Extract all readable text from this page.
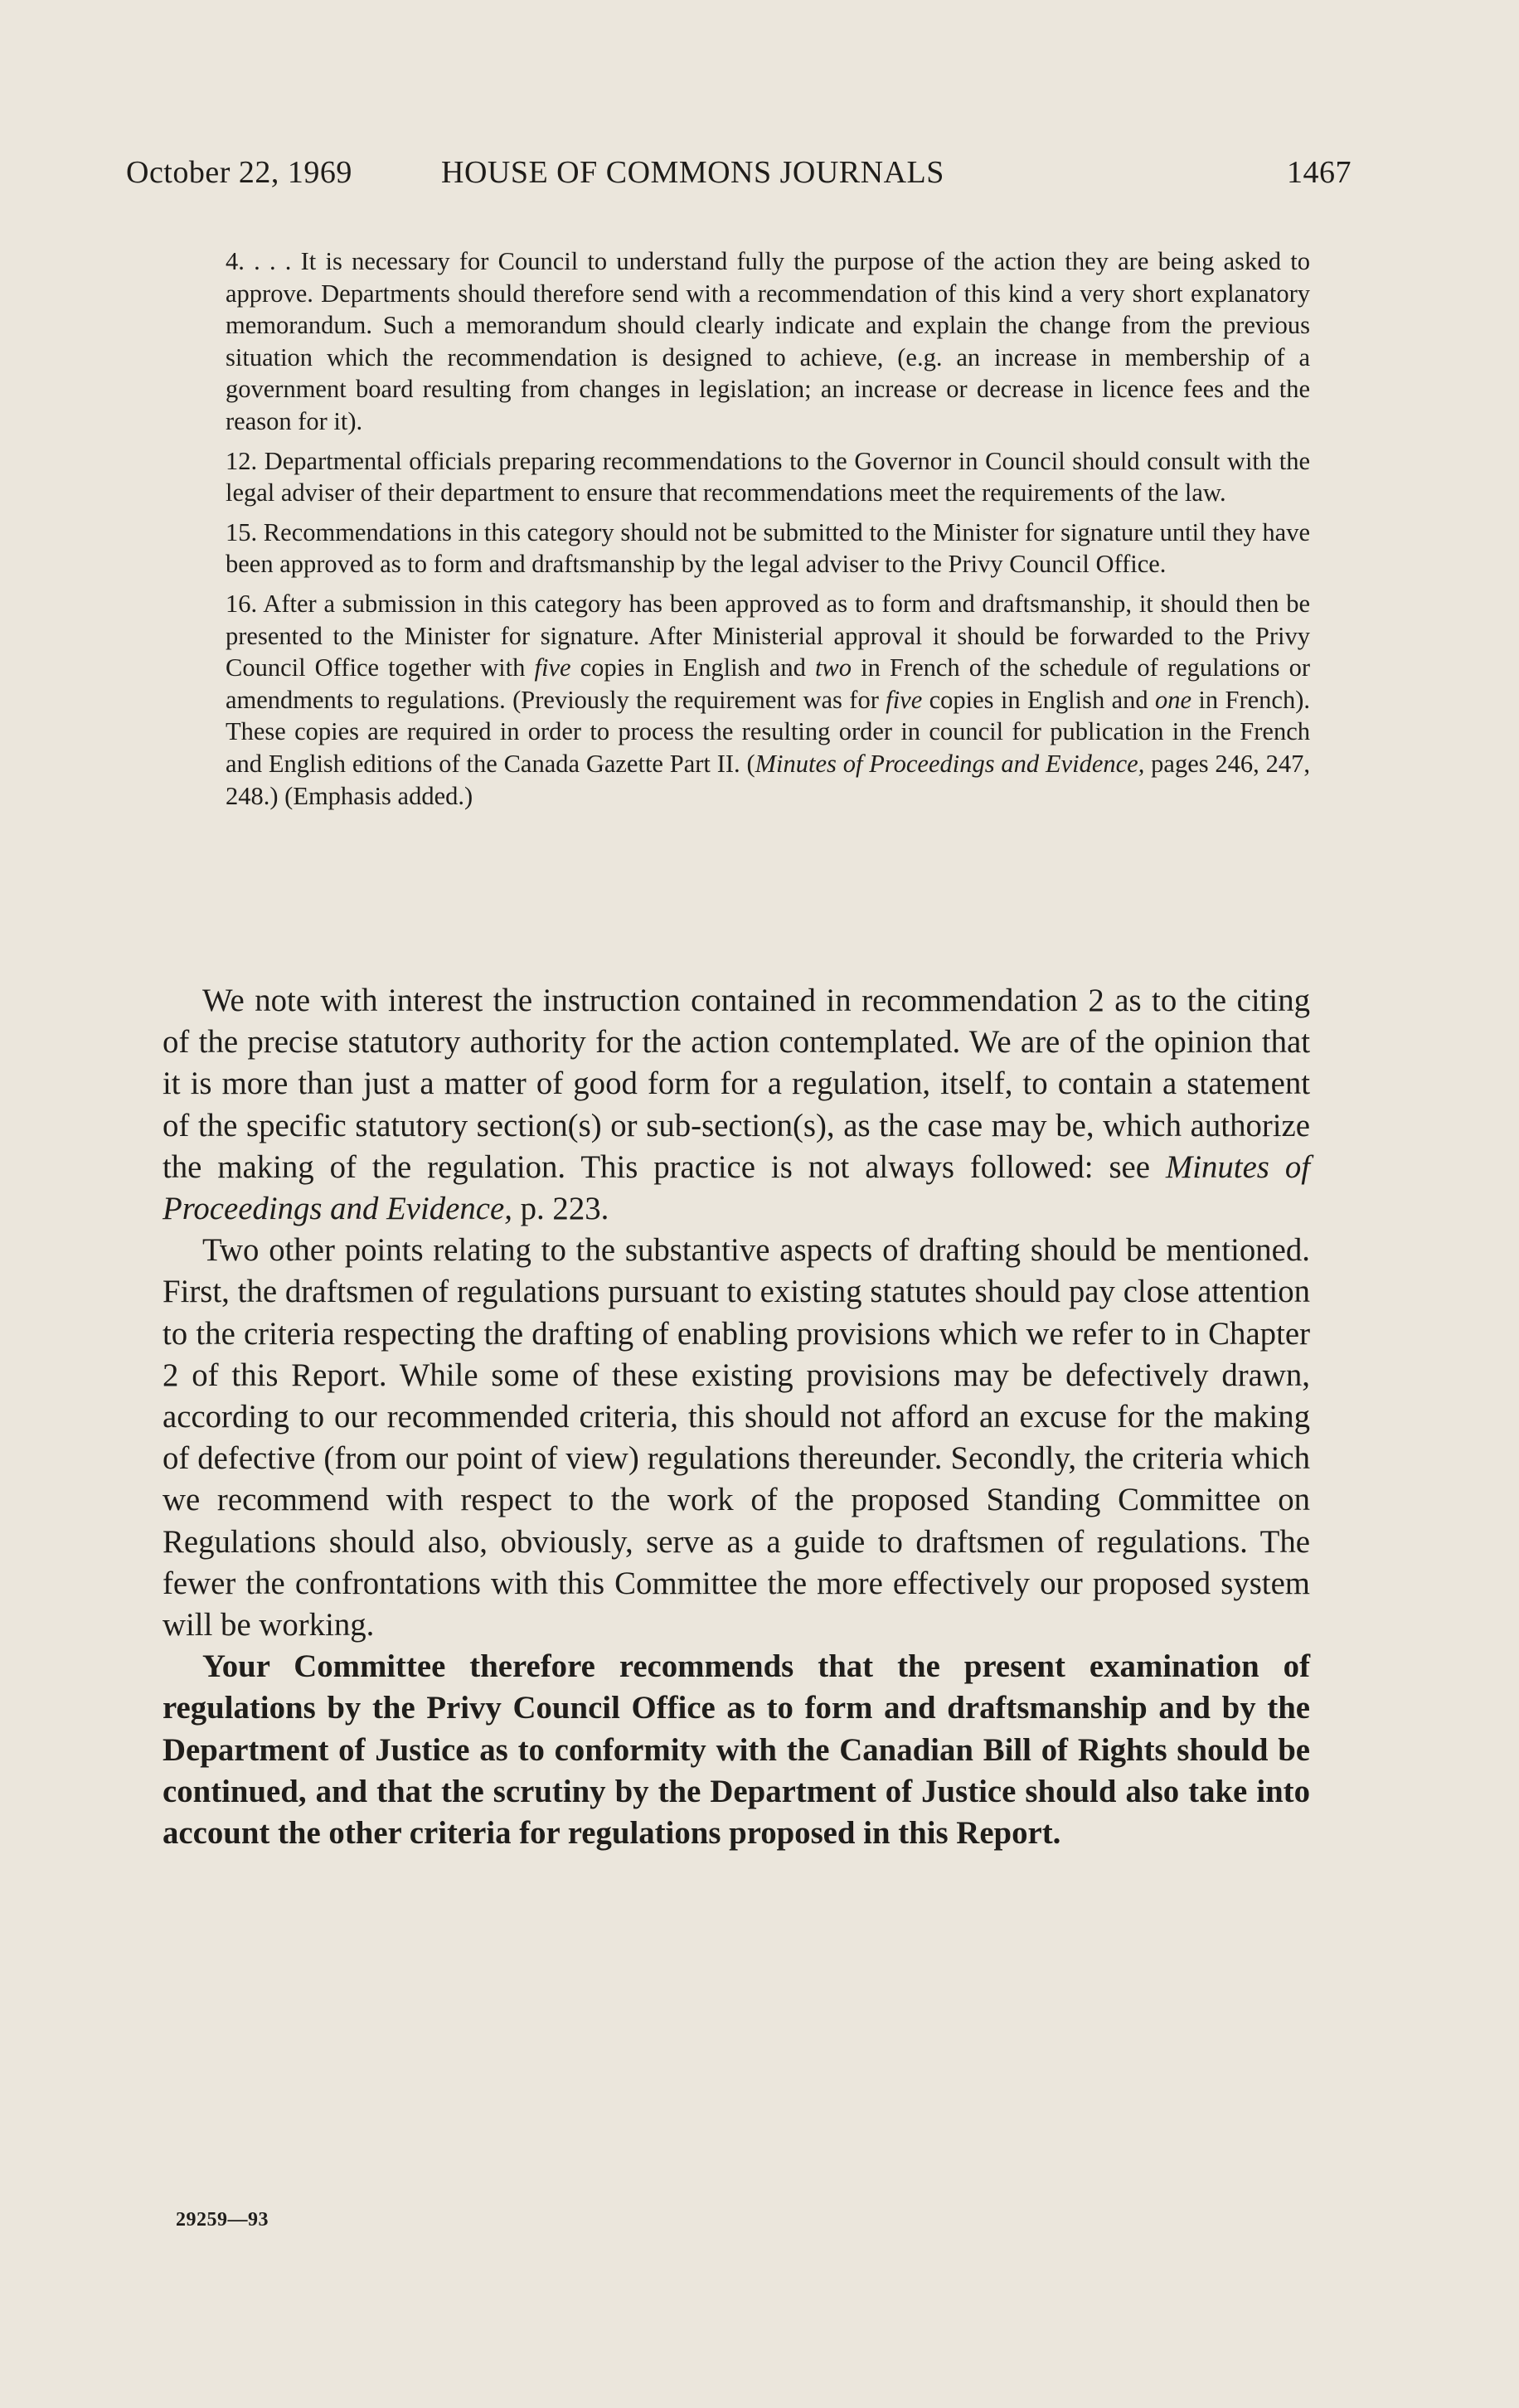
October 22, 1969	HOUSE OF COMMONS JOURNALS	1467

4. . . . It is necessary for Council to understand fully the purpose of the action they are being asked to approve. Departments should therefore send with a recommendation of this kind a very short explanatory memorandum. Such a memorandum should clearly indicate and explain the change from the previous situation which the recommendation is designed to achieve, (e.g. an increase in membership of a government board resulting from changes in legislation; an increase or decrease in licence fees and the reason for it).

12. Departmental officials preparing recommendations to the Governor in Council should consult with the legal adviser of their department to ensure that recommendations meet the requirements of the law.

15. Recommendations in this category should not be submitted to the Minister for signature until they have been approved as to form and draftsmanship by the legal adviser to the Privy Council Office.

16. After a submission in this category has been approved as to form and draftsmanship, it should then be presented to the Minister for signature. After Ministerial approval it should be forwarded to the Privy Council Office together with five copies in English and two in French of the schedule of regulations or amendments to regulations. (Previously the requirement was for five copies in English and one in French). These copies are required in order to process the resulting order in council for publication in the French and English editions of the Canada Gazette Part II. (Minutes of Proceedings and Evidence, pages 246, 247, 248.) (Emphasis added.)

We note with interest the instruction contained in recommendation 2 as to the citing of the precise statutory authority for the action contemplated. We are of the opinion that it is more than just a matter of good form for a regulation, itself, to contain a statement of the specific statutory section(s) or sub-section(s), as the case may be, which authorize the making of the regulation. This practice is not always followed: see Minutes of Proceedings and Evidence, p. 223.

Two other points relating to the substantive aspects of drafting should be mentioned. First, the draftsmen of regulations pursuant to existing statutes should pay close attention to the criteria respecting the drafting of enabling provisions which we refer to in Chapter 2 of this Report. While some of these existing provisions may be defectively drawn, according to our recommended criteria, this should not afford an excuse for the making of defective (from our point of view) regulations thereunder. Secondly, the criteria which we recommend with respect to the work of the proposed Standing Committee on Regulations should also, obviously, serve as a guide to draftsmen of regulations. The fewer the confrontations with this Committee the more effectively our proposed system will be working.

Your Committee therefore recommends that the present examination of regulations by the Privy Council Office as to form and draftsmanship and by the Department of Justice as to conformity with the Canadian Bill of Rights should be continued, and that the scrutiny by the Department of Justice should also take into account the other criteria for regulations proposed in this Report.

29259—93
